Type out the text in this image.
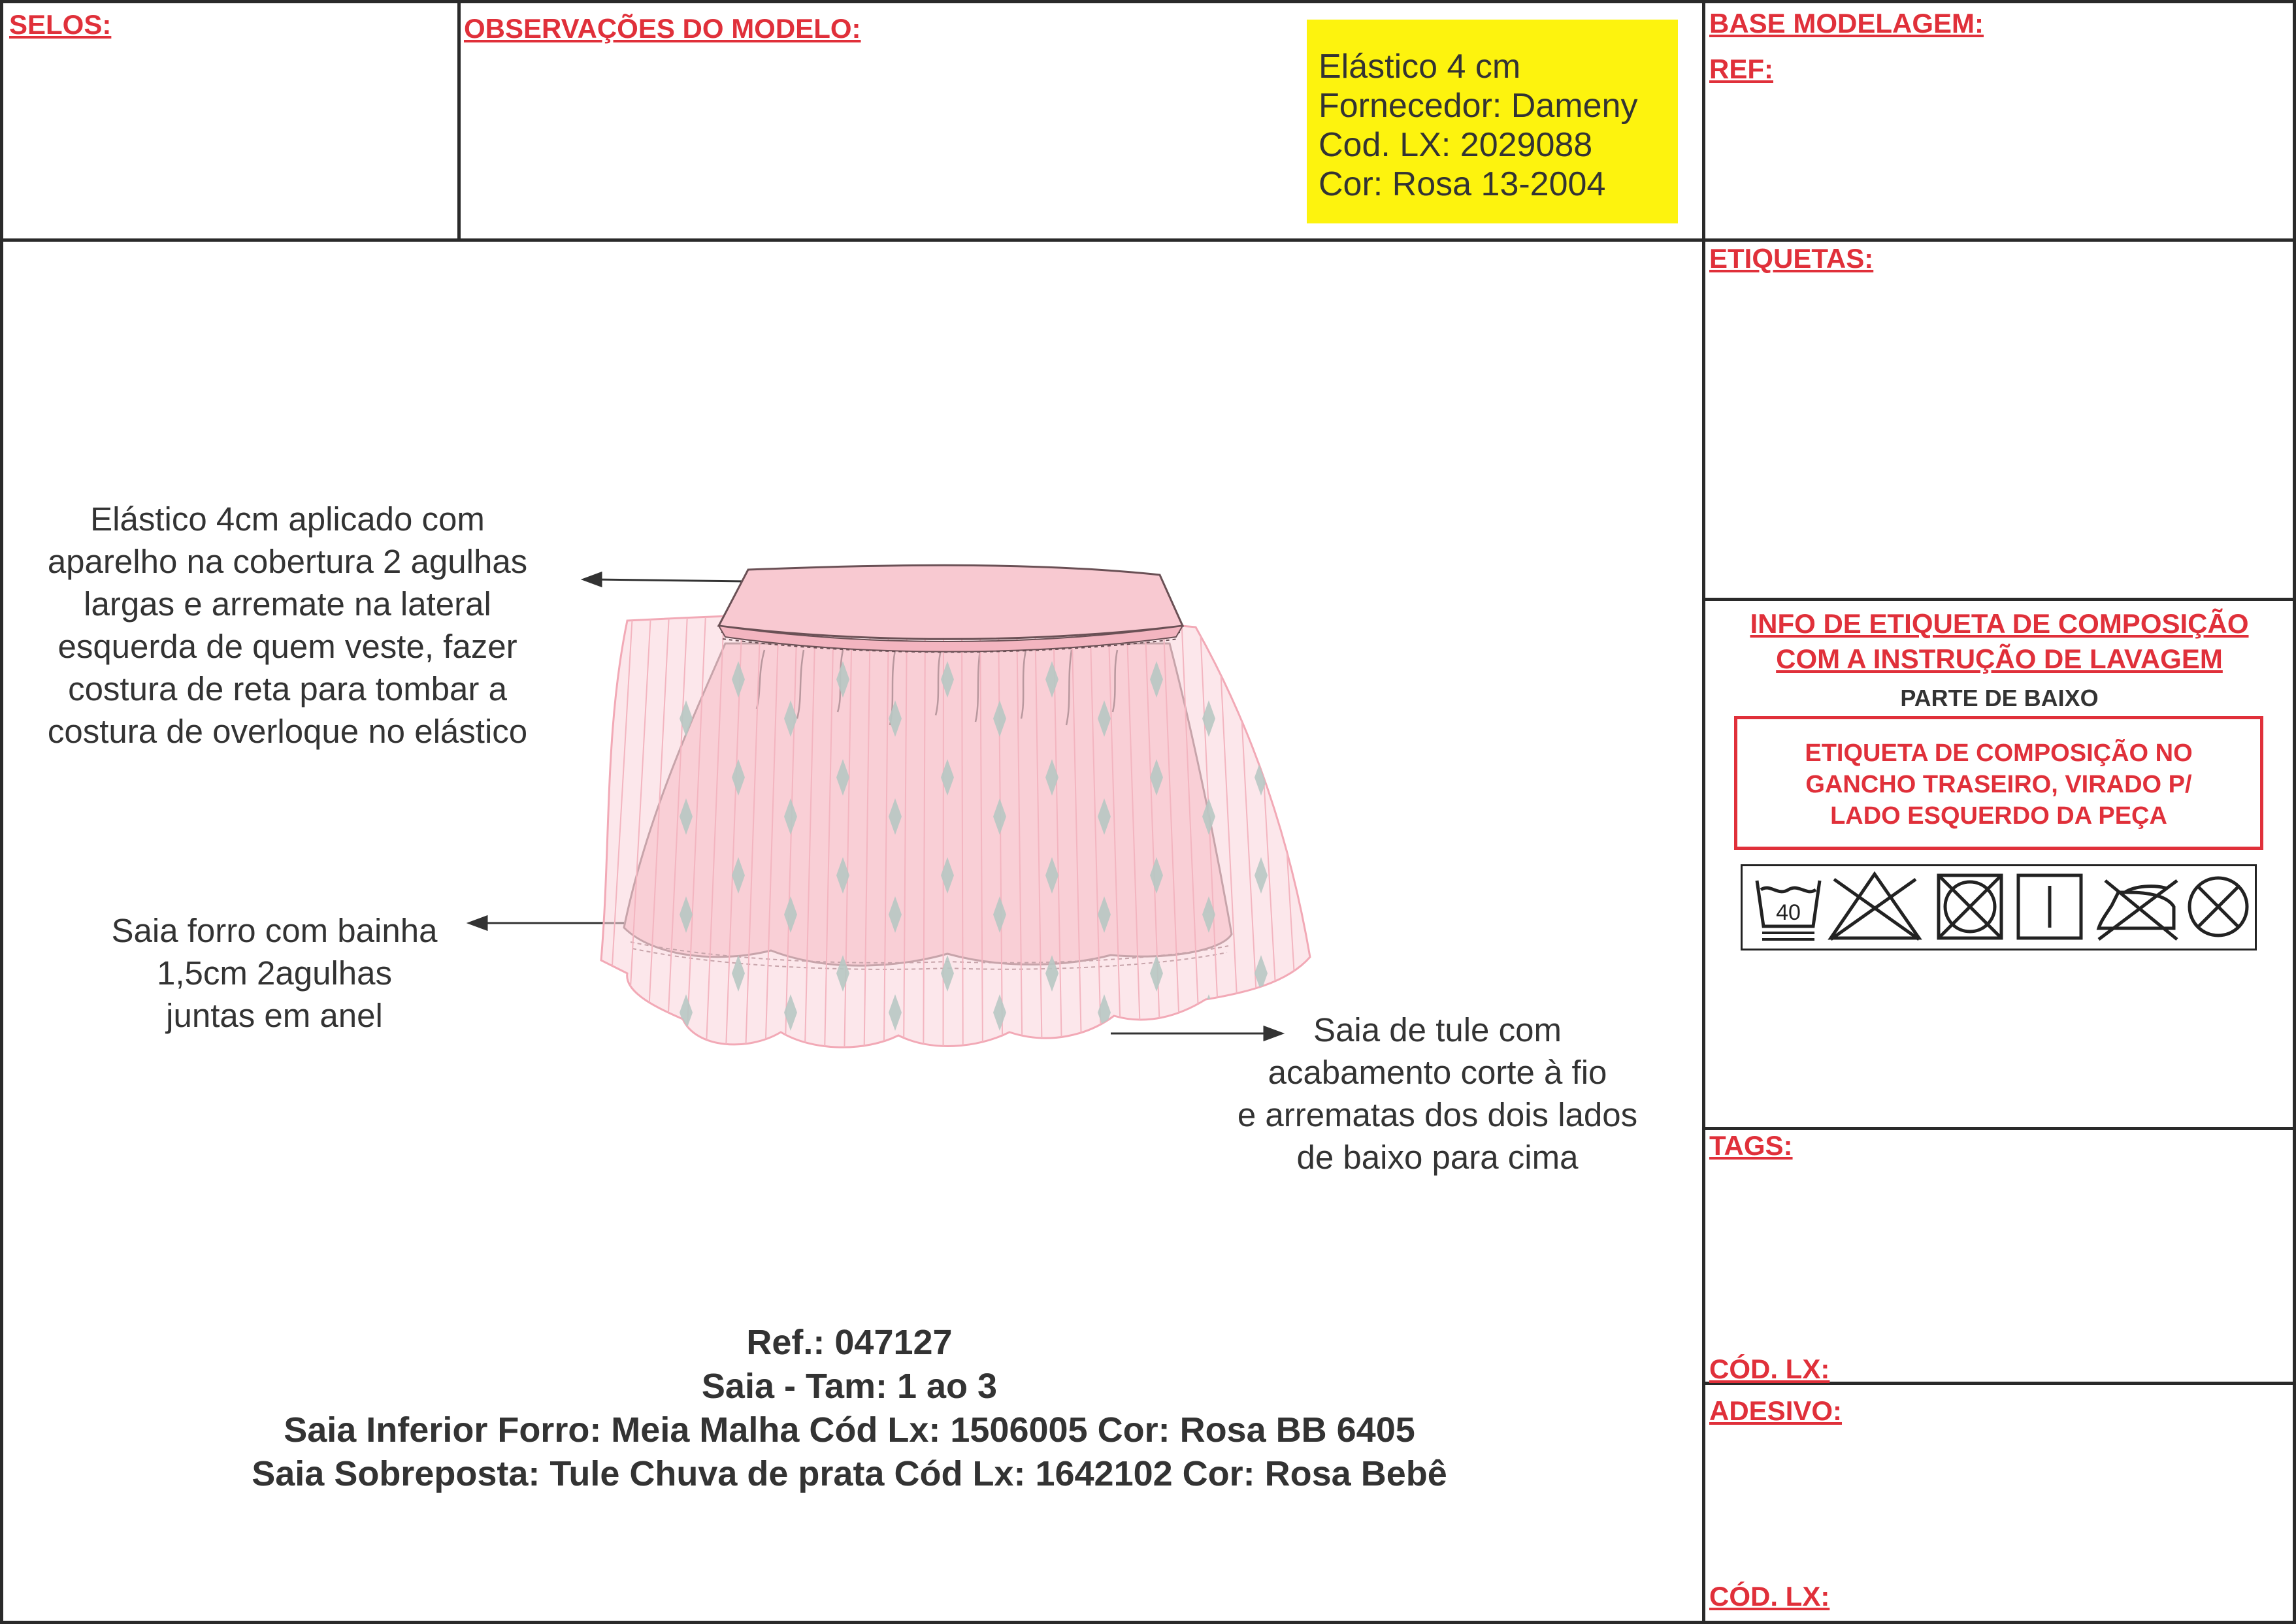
SELOS:	OBSERVAÇÕES DO MODELO:	BASE MODELAGEM:
REF:
Elástico 4 cm
Fornecedor: Dameny
Cod. LX: 2029088
Cor: Rosa 13-2004
Elástico 4cm aplicado com
aparelho na cobertura 2 agulhas
largas e arremate na lateral
esquerda de quem veste, fazer
costura de reta para tombar a
costura de overloque no elástico
Saia forro com bainha
1,5cm 2agulhas
juntas em anel	Saia de tule com
acabamento corte à fio
e arrematas dos dois lados
de baixo para cima
Ref.: 047127
Saia - Tam: 1 ao 3
Saia Inferior Forro: Meia Malha Cód Lx: 1506005 Cor: Rosa BB 6405
Saia Sobreposta: Tule Chuva de prata Cód Lx: 1642102 Cor: Rosa Bebê
ETIQUETAS:
INFO DE ETIQUETA DE COMPOSIÇÃO
COM A INSTRUÇÃO DE LAVAGEM
PARTE DE BAIXO
ETIQUETA DE COMPOSIÇÃO NO
GANCHO TRASEIRO, VIRADO P/
LADO ESQUERDO DA PEÇA
40
TAGS:
CÓD. LX:
ADESIVO:
CÓD. LX:
